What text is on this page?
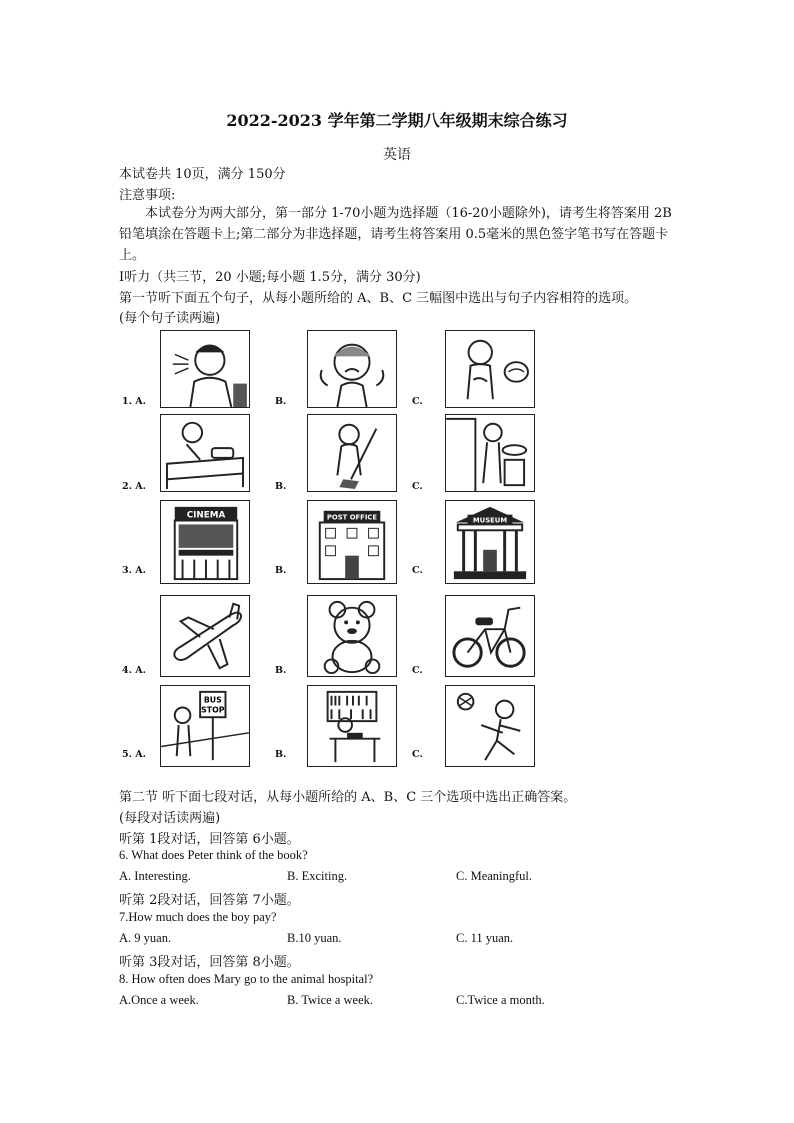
2022-2023 学年第二学期八年级期末综合练习
英语
本试卷共 10页，满分 150分
注意事项:
本试卷分为两大部分，第一部分 1-70小题为选择题（16-20小题除外)，请考生将答案用 2B 铅笔填涂在答题卡上;第二部分为非选择题，请考生将答案用 0.5毫米的黑色签字笔书写在答题卡上。
I听力（共三节，20 小题;每小题 1.5分，满分 30分)
第一节听下面五个句子，从每小题所给的 A、B、C 三幅图中选出与句子内容相符的选项。
(每个句子读两遍)
1. A.	B.	C.
2. A.	B.	C.
3. A.
CINEMA
B.
POST OFFICE
C.
MUSEUM
4. A.	B.	C.
5. A.
BUS
STOP
B.	C.
第二节 听下面七段对话，从每小题所给的 A、B、C 三个选项中选出正确答案。
(每段对话读两遍)
听第 1段对话，回答第 6小题。
6. What does Peter think of the book?
A. Interesting.	B. Exciting.	C. Meaningful.
听第 2段对话，回答第 7小题。
7.How much does the boy pay?
A. 9 yuan.	B.10 yuan.	C. 11 yuan.
听第 3段对话，回答第 8小题。
8. How often does Mary go to the animal hospital?
A.Once a week.	B. Twice a week.	C.Twice a month.
